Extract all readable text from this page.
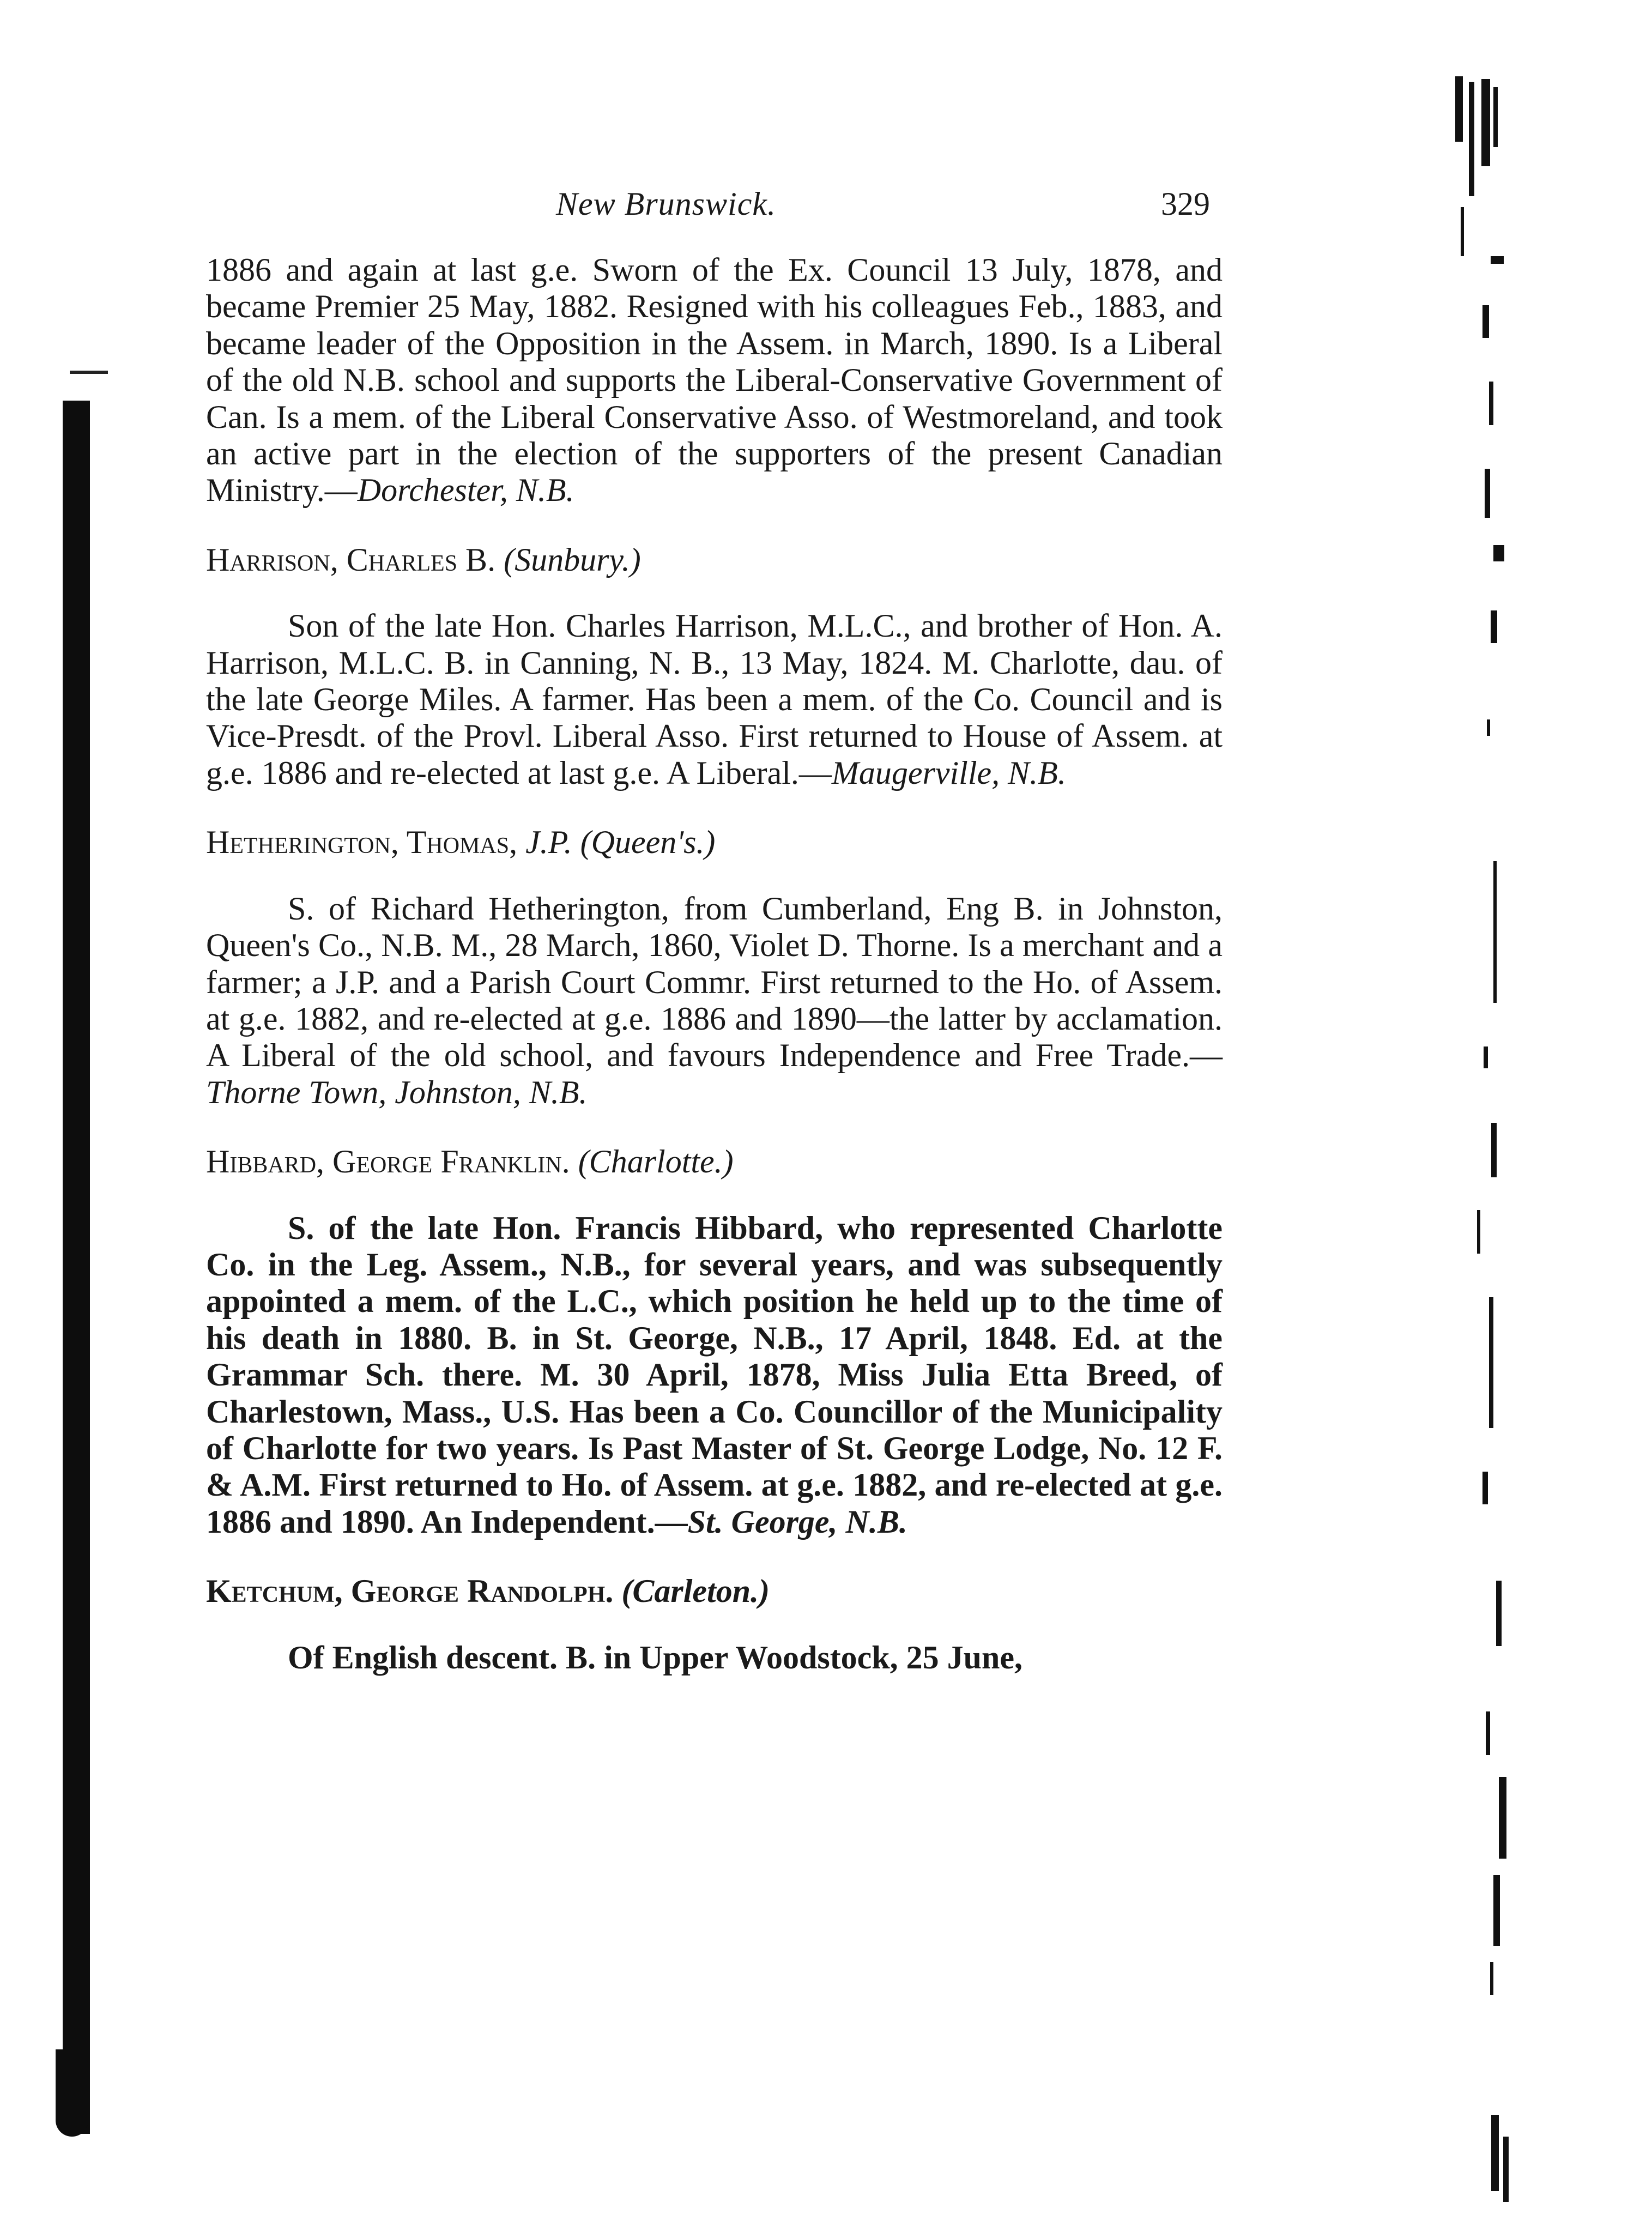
New Brunswick.	329

1886 and again at last g.e. Sworn of the Ex. Council 13 July, 1878, and became Premier 25 May, 1882. Resigned with his colleagues Feb., 1883, and became leader of the Opposition in the Assem. in March, 1890. Is a Liberal of the old N.B. school and supports the Liberal-Conservative Government of Can. Is a mem. of the Liberal Conservative Asso. of Westmoreland, and took an active part in the election of the supporters of the present Canadian Ministry.—Dorchester, N.B.

Harrison, Charles B. (Sunbury.)

Son of the late Hon. Charles Harrison, M.L.C., and brother of Hon. A. Harrison, M.L.C. B. in Canning, N. B., 13 May, 1824. M. Charlotte, dau. of the late George Miles. A farmer. Has been a mem. of the Co. Council and is Vice-Presdt. of the Provl. Liberal Asso. First returned to House of Assem. at g.e. 1886 and re-elected at last g.e. A Liberal.—Maugerville, N.B.

Hetherington, Thomas, J.P. (Queen's.)

S. of Richard Hetherington, from Cumberland, Eng B. in Johnston, Queen's Co., N.B. M., 28 March, 1860, Violet D. Thorne. Is a merchant and a farmer; a J.P. and a Parish Court Commr. First returned to the Ho. of Assem. at g.e. 1882, and re-elected at g.e. 1886 and 1890—the latter by acclamation. A Liberal of the old school, and favours Independence and Free Trade.—Thorne Town, Johnston, N.B.

Hibbard, George Franklin. (Charlotte.)

S. of the late Hon. Francis Hibbard, who represented Charlotte Co. in the Leg. Assem., N.B., for several years, and was subsequently appointed a mem. of the L.C., which position he held up to the time of his death in 1880. B. in St. George, N.B., 17 April, 1848. Ed. at the Grammar Sch. there. M. 30 April, 1878, Miss Julia Etta Breed, of Charlestown, Mass., U.S. Has been a Co. Councillor of the Municipality of Charlotte for two years. Is Past Master of St. George Lodge, No. 12 F. & A.M. First returned to Ho. of Assem. at g.e. 1882, and re-elected at g.e. 1886 and 1890. An Independent.—St. George, N.B.

Ketchum, George Randolph. (Carleton.)

Of English descent. B. in Upper Woodstock, 25 June,
